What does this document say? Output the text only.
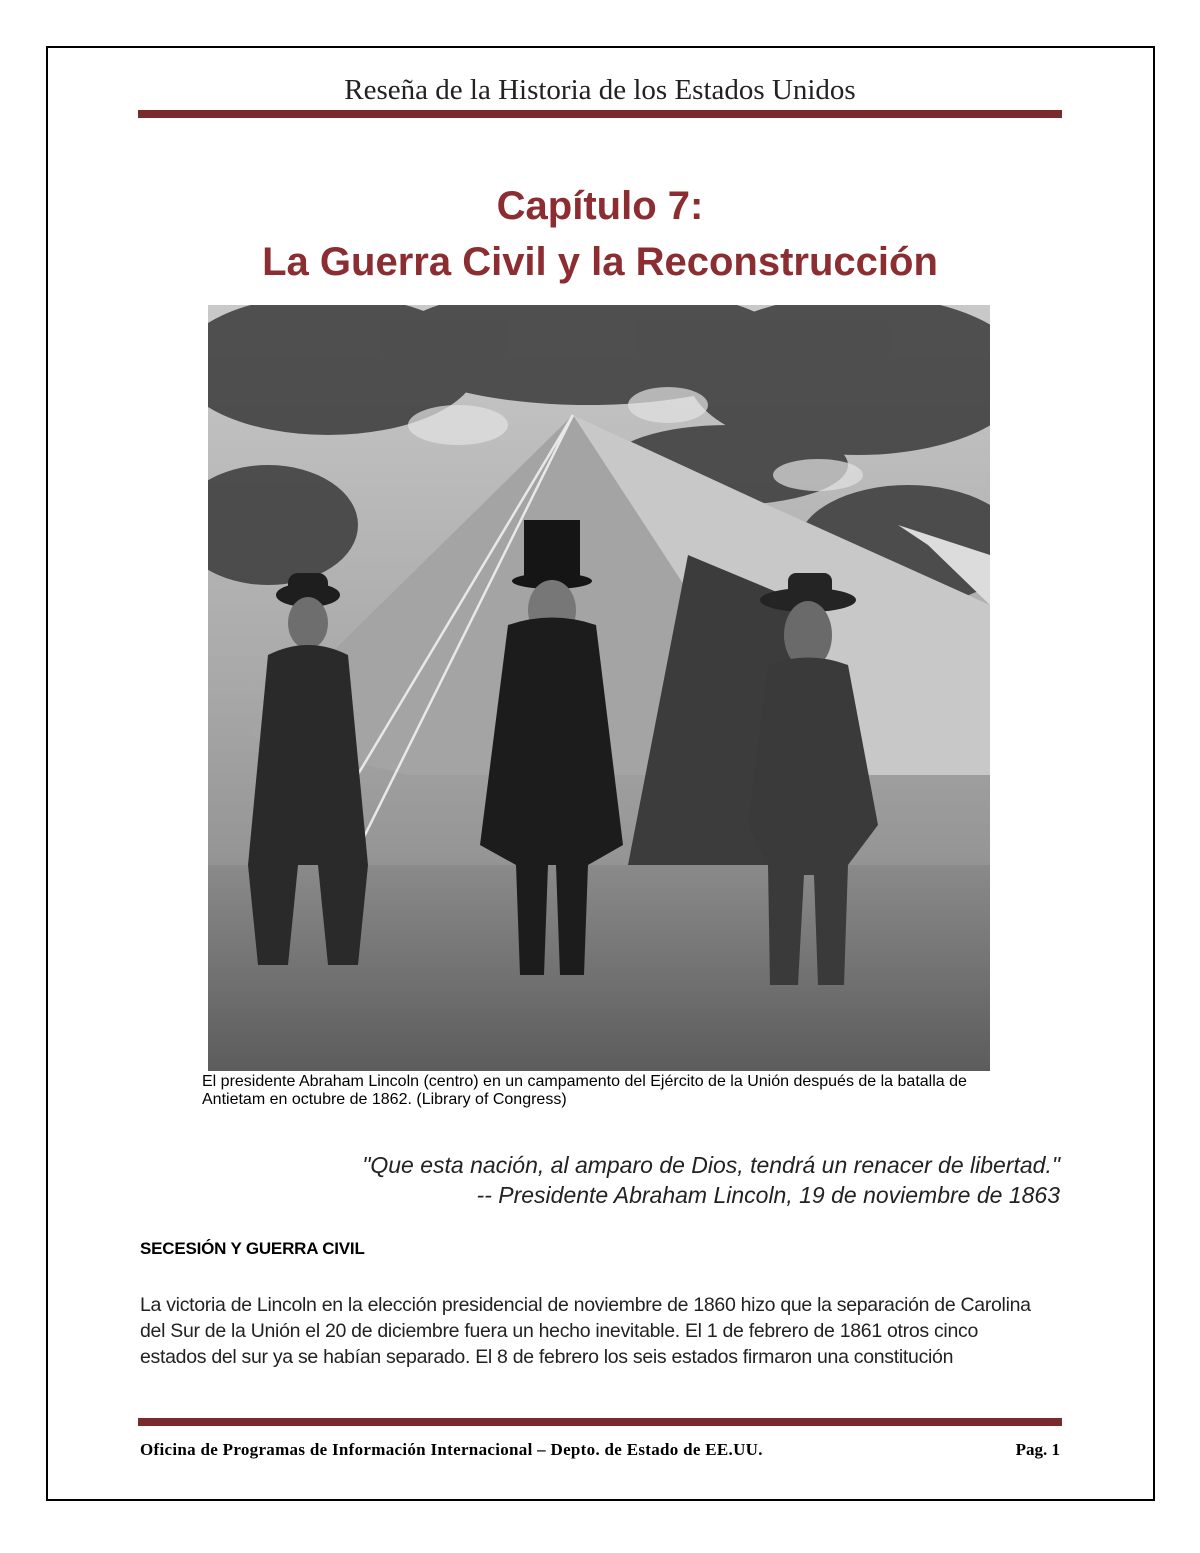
Reseña de la Historia de los Estados Unidos
Capítulo 7:
La Guerra Civil y la Reconstrucción
El presidente Abraham Lincoln (centro) en un campamento del Ejército de la Unión después de la batalla de
Antietam en octubre de 1862. (Library of Congress)
"Que esta nación, al amparo de Dios, tendrá un renacer de libertad."
-- Presidente Abraham Lincoln, 19 de noviembre de 1863
SECESIÓN Y GUERRA CIVIL
La victoria de Lincoln en la elección presidencial de noviembre de 1860 hizo que la separación de Carolina
del Sur de la Unión el 20 de diciembre fuera un hecho inevitable. El 1 de febrero de 1861 otros cinco
estados del sur ya se habían separado. El 8 de febrero los seis estados firmaron una constitución
Oficina de Programas de Información Internacional – Depto. de Estado de EE.UU.	Pag. 1
